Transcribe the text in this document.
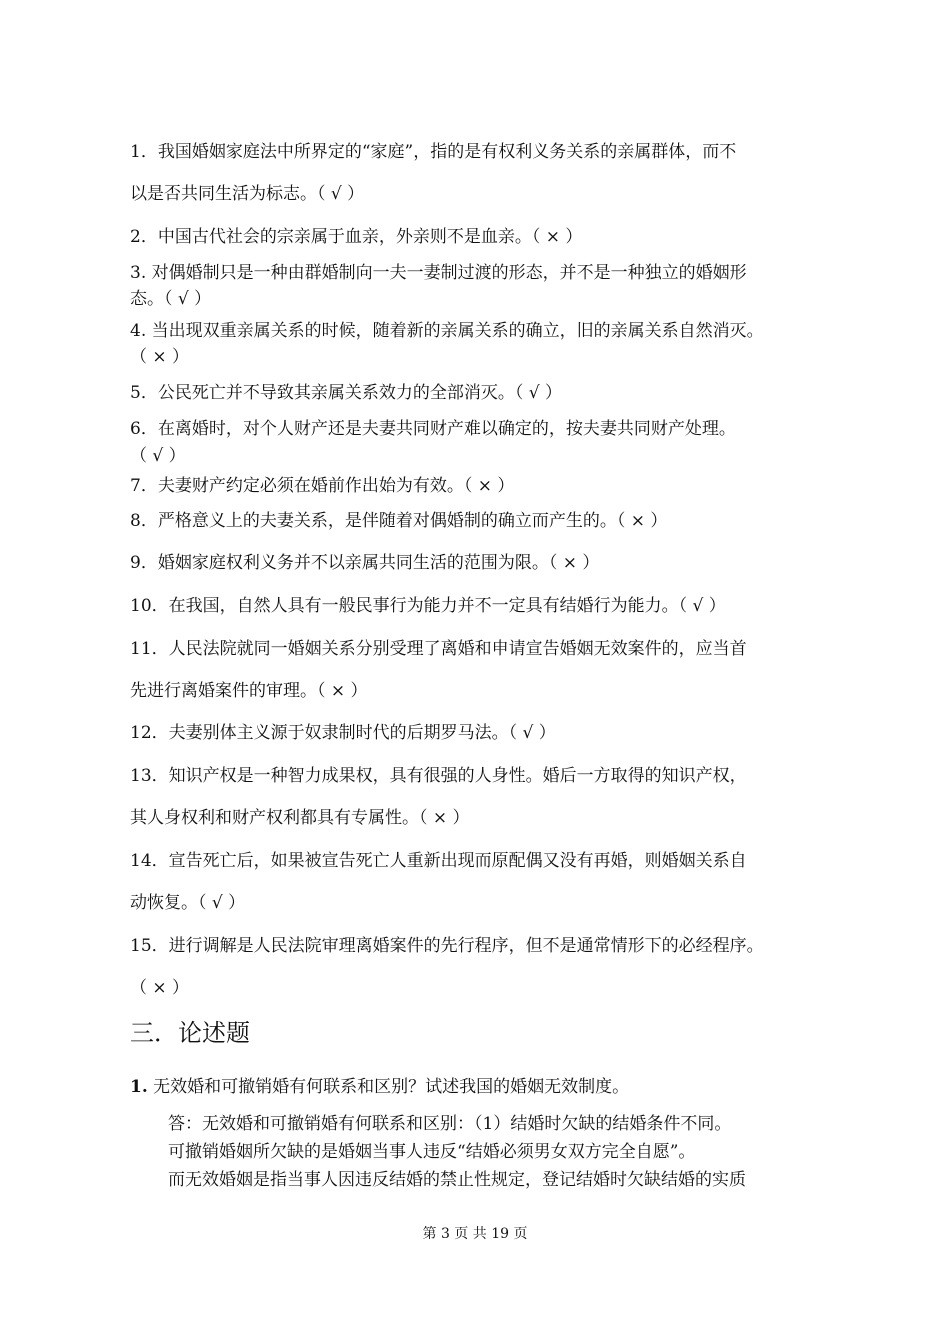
1．我国婚姻家庭法中所界定的“家庭”，指的是有权利义务关系的亲属群体，而不
以是否共同生活为标志。（ √ ）
2．中国古代社会的宗亲属于血亲，外亲则不是血亲。（ × ）
3. 对偶婚制只是一种由群婚制向一夫一妻制过渡的形态，并不是一种独立的婚姻形
态。（ √ ）
4. 当出现双重亲属关系的时候，随着新的亲属关系的确立，旧的亲属关系自然消灭。
（ × ）
5．公民死亡并不导致其亲属关系效力的全部消灭。（ √ ）
6．在离婚时，对个人财产还是夫妻共同财产难以确定的，按夫妻共同财产处理。
（ √ ）
7．夫妻财产约定必须在婚前作出始为有效。（ × ）
8．严格意义上的夫妻关系，是伴随着对偶婚制的确立而产生的。（ × ）
9．婚姻家庭权利义务并不以亲属共同生活的范围为限。（ × ）
10．在我国，自然人具有一般民事行为能力并不一定具有结婚行为能力。（ √ ）
11．人民法院就同一婚姻关系分别受理了离婚和申请宣告婚姻无效案件的，应当首
先进行离婚案件的审理。（ × ）
12．夫妻别体主义源于奴隶制时代的后期罗马法。（ √ ）
13．知识产权是一种智力成果权，具有很强的人身性。婚后一方取得的知识产权，
其人身权利和财产权利都具有专属性。（ × ）
14．宣告死亡后，如果被宣告死亡人重新出现而原配偶又没有再婚，则婚姻关系自
动恢复。（ √ ）
15．进行调解是人民法院审理离婚案件的先行程序，但不是通常情形下的必经程序。
（ × ）
三．论述题
1. 无效婚和可撤销婚有何联系和区别？试述我国的婚姻无效制度。
答：无效婚和可撤销婚有何联系和区别：（1）结婚时欠缺的结婚条件不同。
可撤销婚姻所欠缺的是婚姻当事人违反“结婚必须男女双方完全自愿”。
而无效婚姻是指当事人因违反结婚的禁止性规定，登记结婚时欠缺结婚的实质
第 3 页 共 19 页
